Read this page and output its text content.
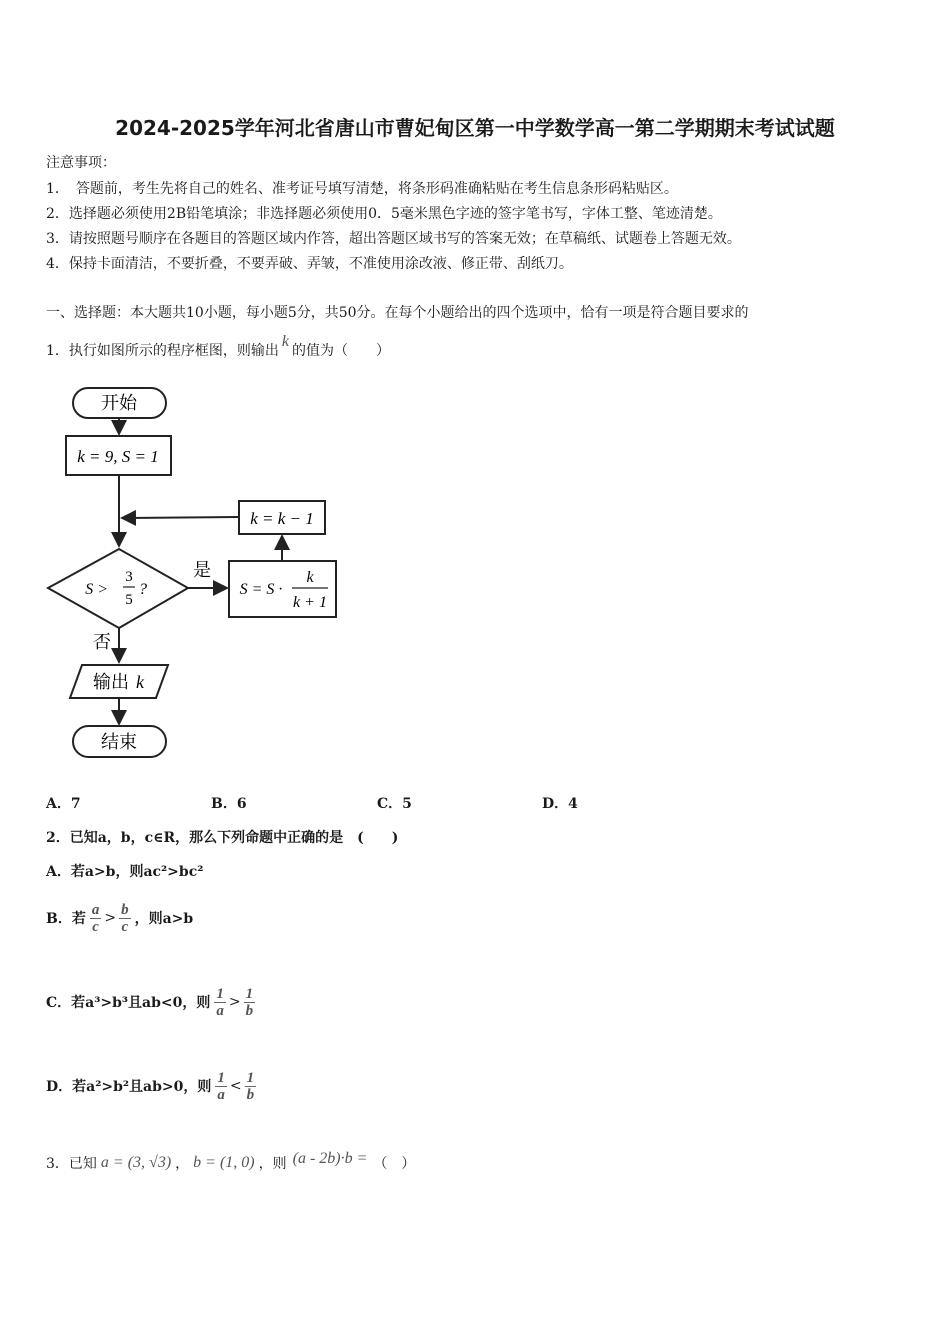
2024-2025学年河北省唐山市曹妃甸区第一中学数学高一第二学期期末考试试题
注意事项：
1．　答题前，考生先将自己的姓名、准考证号填写清楚，将条形码准确粘贴在考生信息条形码粘贴区。
2．选择题必须使用2B铅笔填涂；非选择题必须使用0．5毫米黑色字迹的签字笔书写，字体工整、笔迹清楚。
3．请按照题号顺序在各题目的答题区域内作答，超出答题区域书写的答案无效；在草稿纸、试题卷上答题无效。
4．保持卡面清洁，不要折叠，不要弄破、弄皱，不准使用涂改液、修正带、刮纸刀。
一、选择题：本大题共10小题，每小题5分，共50分。在每个小题给出的四个选项中，恰有一项是符合题目要求的
1．执行如图所示的程序框图，则输出k的值为（　　）
开始
k = 9, S = 1
k = k − 1
S >
3
5
?
是
S = S ·
k
k + 1
否
输出 k
结束
A．7	B．6	C．5	D．4
2．已知a，b，c∈R，那么下列命题中正确的是　(　　)
A．若a>b，则ac²>bc²
B．若 $\frac{a}{c} > \frac{b}{c}$ ，则a>b
C．若a³>b³且ab<0，则 $\frac{1}{a} > \frac{1}{b}$
D．若a²>b²且ab>0，则 $\frac{1}{a} < \frac{1}{b}$
3．已知 a = (3, √3) ， b = (1, 0) ，则 (a - 2b)·b = （　）
